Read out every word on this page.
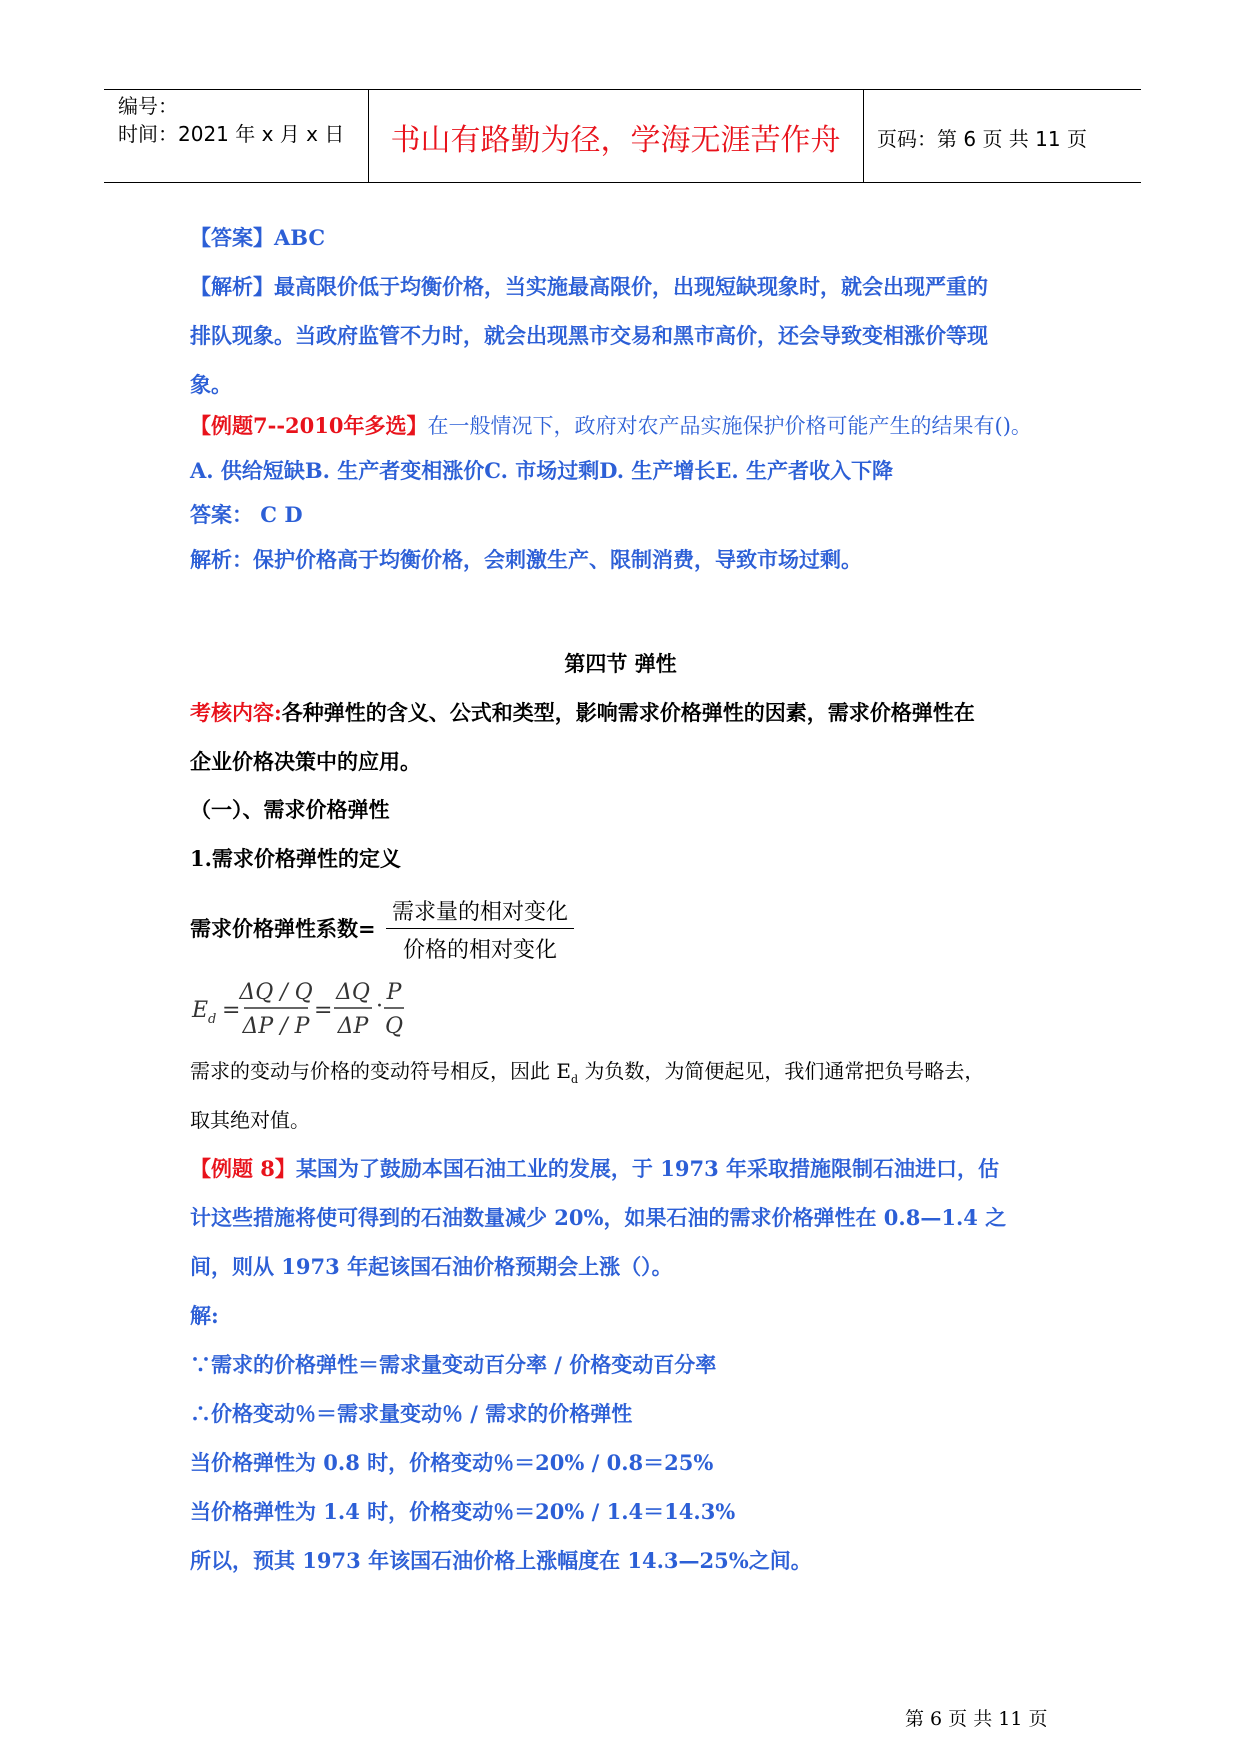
编号：
时间：2021 年 x 月 x 日	书山有路勤为径，学海无涯苦作舟	页码：第 6 页 共 11 页
【答案】ABC
【解析】最高限价低于均衡价格，当实施最高限价，出现短缺现象时，就会出现严重的
排队现象。当政府监管不力时，就会出现黑市交易和黑市高价，还会导致变相涨价等现
象。
【例题7--2010年多选】在一般情况下，政府对农产品实施保护价格可能产生的结果有()。
A. 供给短缺B. 生产者变相涨价C. 市场过剩D. 生产增长E. 生产者收入下降
答案： C D
解析：保护价格高于均衡价格，会刺激生产、限制消费，导致市场过剩。
第四节 弹性
考核内容:各种弹性的含义、公式和类型，影响需求价格弹性的因素，需求价格弹性在
企业价格决策中的应用。
（一）、需求价格弹性
1.需求价格弹性的定义
需求价格弹性系数=
需求量的相对变化
价格的相对变化
E d =
ΔQ / Q
ΔP / P
=
ΔQ
ΔP
·
P
Q
需求的变动与价格的变动符号相反，因此 $E_d$ 为负数，为简便起见，我们通常把负号略去，
取其绝对值。
【例题 8】某国为了鼓励本国石油工业的发展，于 1973 年采取措施限制石油进口，估
计这些措施将使可得到的石油数量减少 20%，如果石油的需求价格弹性在 0.8—1.4 之
间，则从 1973 年起该国石油价格预期会上涨（）。
解:
∵需求的价格弹性＝需求量变动百分率 / 价格变动百分率
∴价格变动％＝需求量变动％ / 需求的价格弹性
当价格弹性为 0.8 时，价格变动％＝20% / 0.8＝25%
当价格弹性为 1.4 时，价格变动％＝20% / 1.4＝14.3%
所以，预其 1973 年该国石油价格上涨幅度在 14.3—25%之间。
第 6 页 共 11 页
